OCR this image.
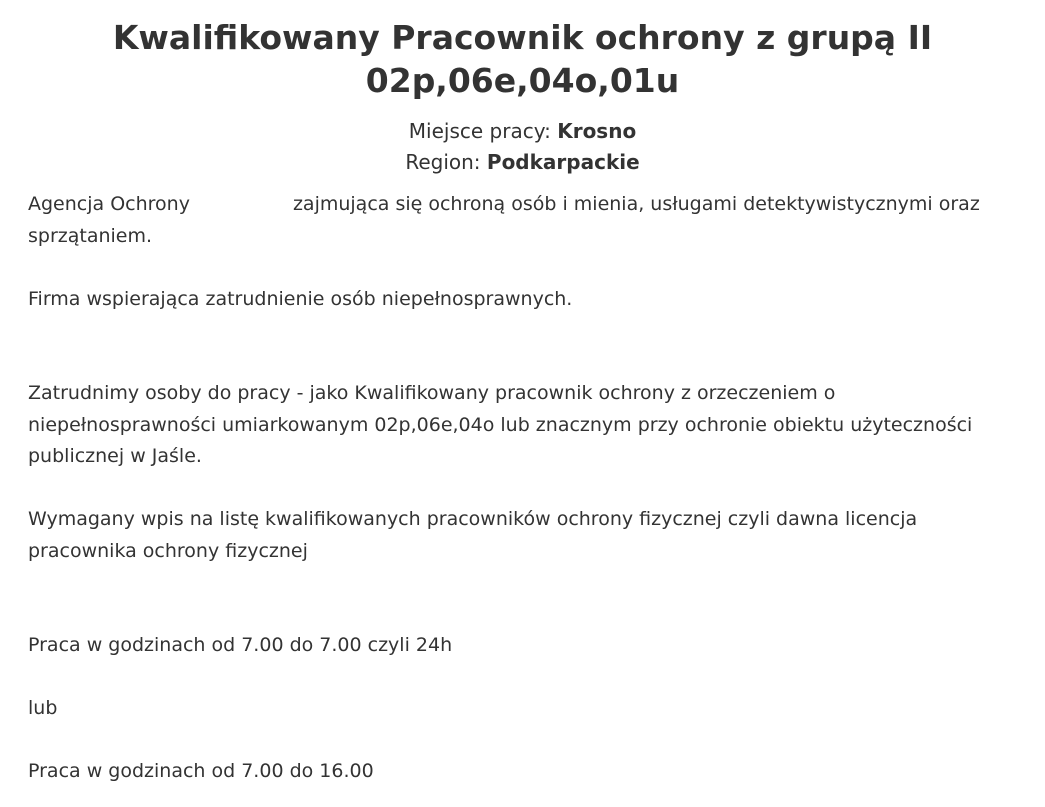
Kwalifikowany Pracownik ochrony z grupą II
02p,06e,04o,01u
Miejsce pracy: Krosno
Region: Podkarpackie

Agencja Ochrony	zajmująca się ochroną osób i mienia, usługami detektywistycznymi oraz sprzątaniem.

Firma wspierająca zatrudnienie osób niepełnosprawnych.

Zatrudnimy osoby do pracy - jako Kwalifikowany pracownik ochrony z orzeczeniem o niepełnosprawności umiarkowanym 02p,06e,04o lub znacznym przy ochronie obiektu użyteczności publicznej w Jaśle.

Wymagany wpis na listę kwalifikowanych pracowników ochrony fizycznej czyli dawna licencja pracownika ochrony fizycznej

Praca w godzinach od 7.00 do 7.00 czyli 24h

lub

Praca w godzinach od 7.00 do 16.00
